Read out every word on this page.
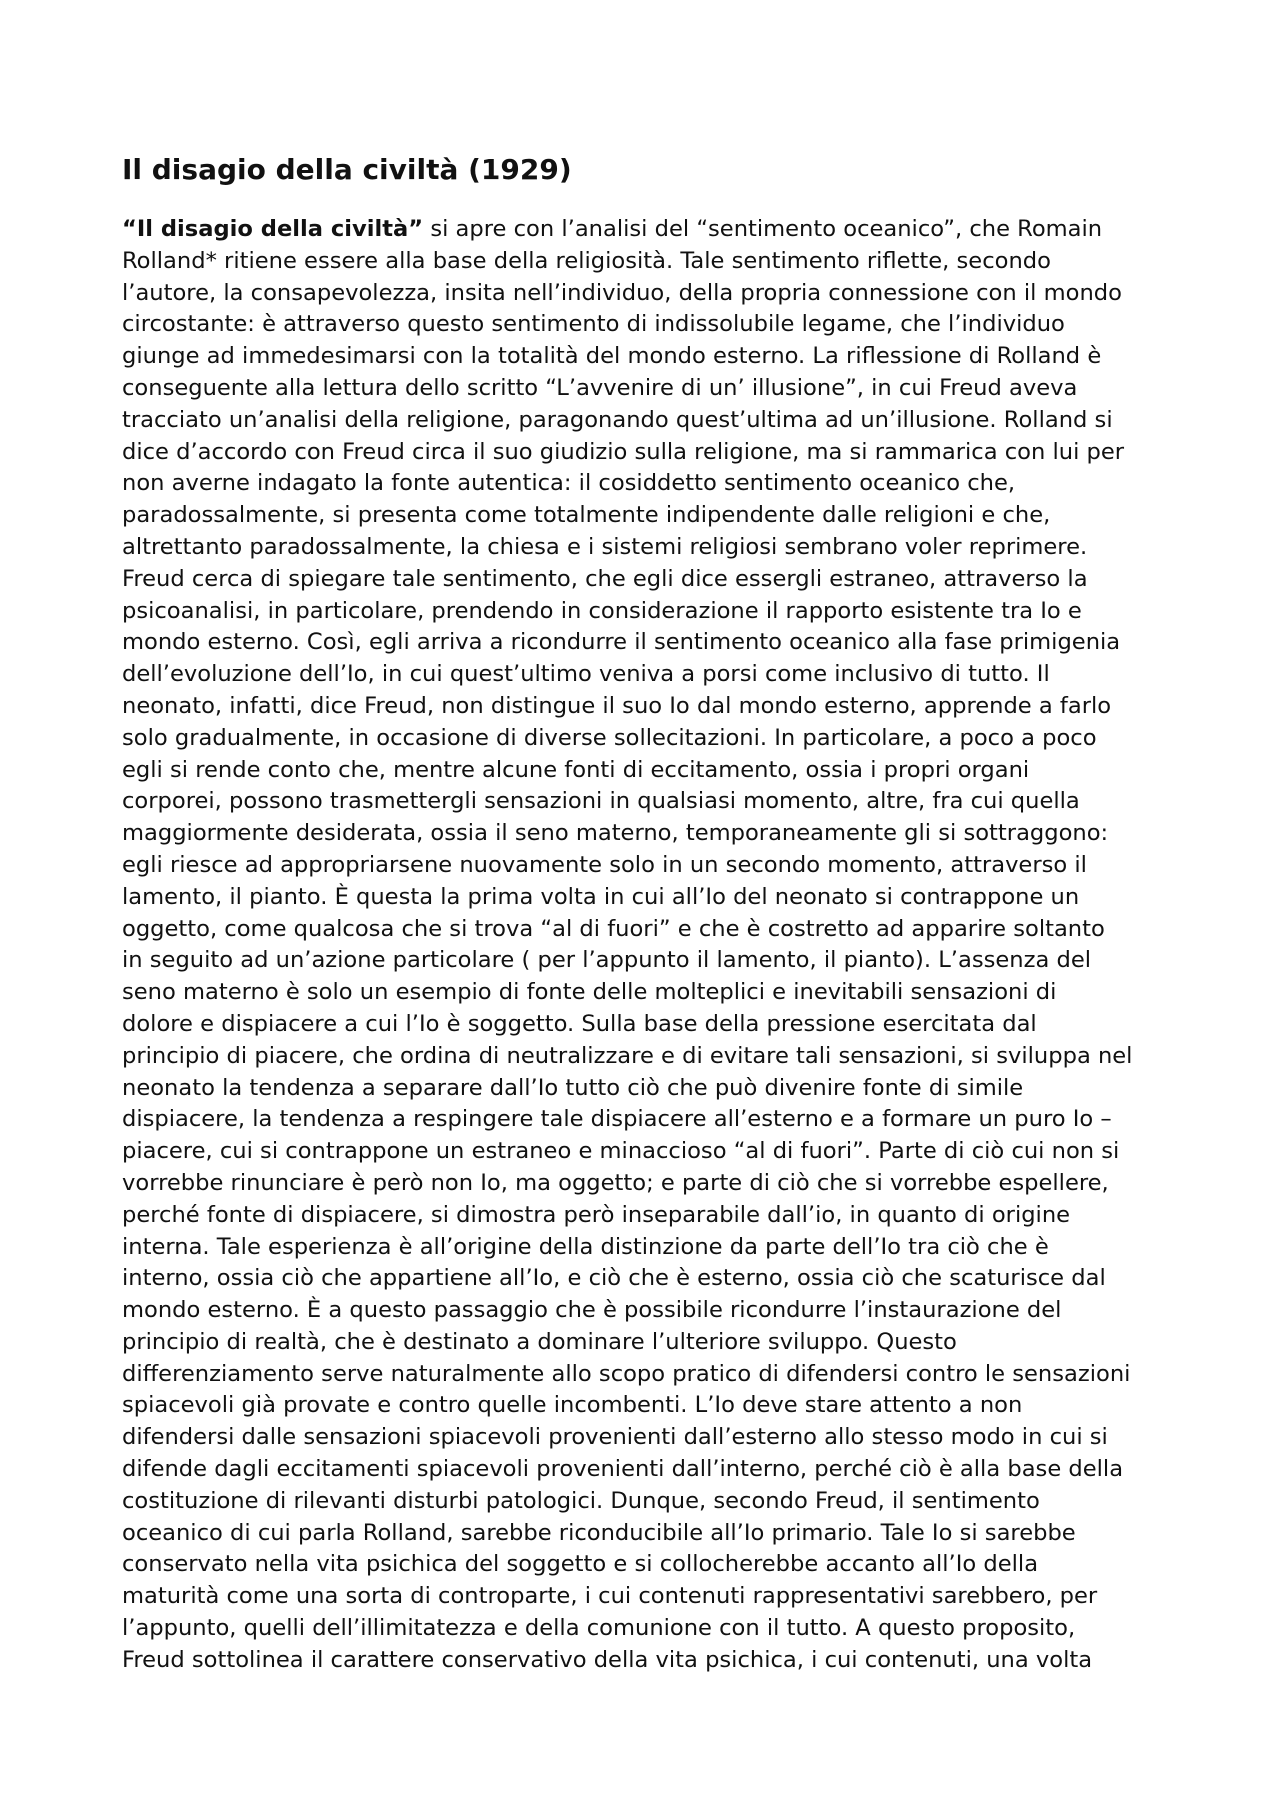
Il disagio della civiltà (1929)
“Il disagio della civiltà” si apre con l’analisi del “sentimento oceanico”, che Romain
Rolland* ritiene essere alla base della religiosità. Tale sentimento riflette, secondo
l’autore, la consapevolezza, insita nell’individuo, della propria connessione con il mondo
circostante: è attraverso questo sentimento di indissolubile legame, che l’individuo
giunge ad immedesimarsi con la totalità del mondo esterno. La riflessione di Rolland è
conseguente alla lettura dello scritto “L’avvenire di un’ illusione”, in cui Freud aveva
tracciato un’analisi della religione, paragonando quest’ultima ad un’illusione. Rolland si
dice d’accordo con Freud circa il suo giudizio sulla religione, ma si rammarica con lui per
non averne indagato la fonte autentica: il cosiddetto sentimento oceanico che,
paradossalmente, si presenta come totalmente indipendente dalle religioni e che,
altrettanto paradossalmente, la chiesa e i sistemi religiosi sembrano voler reprimere.
Freud cerca di spiegare tale sentimento, che egli dice essergli estraneo, attraverso la
psicoanalisi, in particolare, prendendo in considerazione il rapporto esistente tra Io e
mondo esterno. Così, egli arriva a ricondurre il sentimento oceanico alla fase primigenia
dell’evoluzione dell’Io, in cui quest’ultimo veniva a porsi come inclusivo di tutto. Il
neonato, infatti, dice Freud, non distingue il suo Io dal mondo esterno, apprende a farlo
solo gradualmente, in occasione di diverse sollecitazioni. In particolare, a poco a poco
egli si rende conto che, mentre alcune fonti di eccitamento, ossia i propri organi
corporei, possono trasmettergli sensazioni in qualsiasi momento, altre, fra cui quella
maggiormente desiderata, ossia il seno materno, temporaneamente gli si sottraggono:
egli riesce ad appropriarsene nuovamente solo in un secondo momento, attraverso il
lamento, il pianto. È questa la prima volta in cui all’Io del neonato si contrappone un
oggetto, come qualcosa che si trova “al di fuori” e che è costretto ad apparire soltanto
in seguito ad un’azione particolare ( per l’appunto il lamento, il pianto). L’assenza del
seno materno è solo un esempio di fonte delle molteplici e inevitabili sensazioni di
dolore e dispiacere a cui l’Io è soggetto. Sulla base della pressione esercitata dal
principio di piacere, che ordina di neutralizzare e di evitare tali sensazioni, si sviluppa nel
neonato la tendenza a separare dall’Io tutto ciò che può divenire fonte di simile
dispiacere, la tendenza a respingere tale dispiacere all’esterno e a formare un puro Io –
piacere, cui si contrappone un estraneo e minaccioso “al di fuori”. Parte di ciò cui non si
vorrebbe rinunciare è però non Io, ma oggetto; e parte di ciò che si vorrebbe espellere,
perché fonte di dispiacere, si dimostra però inseparabile dall’io, in quanto di origine
interna. Tale esperienza è all’origine della distinzione da parte dell’Io tra ciò che è
interno, ossia ciò che appartiene all’Io, e ciò che è esterno, ossia ciò che scaturisce dal
mondo esterno. È a questo passaggio che è possibile ricondurre l’instaurazione del
principio di realtà, che è destinato a dominare l’ulteriore sviluppo. Questo
differenziamento serve naturalmente allo scopo pratico di difendersi contro le sensazioni
spiacevoli già provate e contro quelle incombenti. L’Io deve stare attento a non
difendersi dalle sensazioni spiacevoli provenienti dall’esterno allo stesso modo in cui si
difende dagli eccitamenti spiacevoli provenienti dall’interno, perché ciò è alla base della
costituzione di rilevanti disturbi patologici. Dunque, secondo Freud, il sentimento
oceanico di cui parla Rolland, sarebbe riconducibile all’Io primario. Tale Io si sarebbe
conservato nella vita psichica del soggetto e si collocherebbe accanto all’Io della
maturità come una sorta di controparte, i cui contenuti rappresentativi sarebbero, per
l’appunto, quelli dell’illimitatezza e della comunione con il tutto. A questo proposito,
Freud sottolinea il carattere conservativo della vita psichica, i cui contenuti, una volta
